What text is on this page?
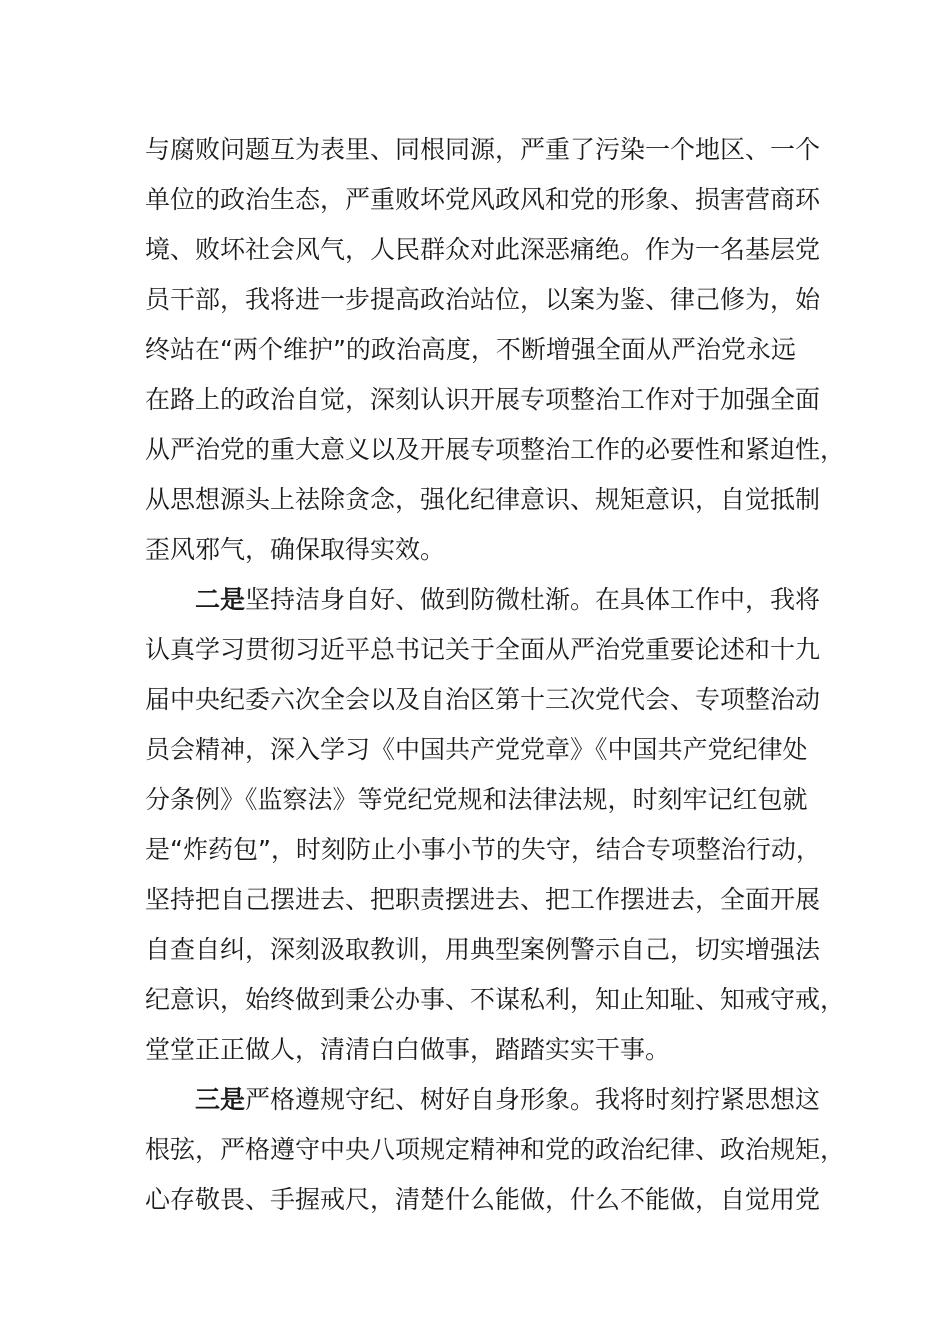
与腐败问题互为表里、同根同源，严重了污染一个地区、一个
单位的政治生态，严重败坏党风政风和党的形象、损害营商环
境、败坏社会风气，人民群众对此深恶痛绝。作为一名基层党
员干部，我将进一步提高政治站位，以案为鉴、律己修为，始
终站在“两个维护”的政治高度，不断增强全面从严治党永远
在路上的政治自觉，深刻认识开展专项整治工作对于加强全面
从严治党的重大意义以及开展专项整治工作的必要性和紧迫性，
从思想源头上祛除贪念，强化纪律意识、规矩意识，自觉抵制
歪风邪气，确保取得实效。
二是坚持洁身自好、做到防微杜渐。在具体工作中，我将
认真学习贯彻习近平总书记关于全面从严治党重要论述和十九
届中央纪委六次全会以及自治区第十三次党代会、专项整治动
员会精神，深入学习《中国共产党党章》《中国共产党纪律处
分条例》《监察法》等党纪党规和法律法规，时刻牢记红包就
是“炸药包”，时刻防止小事小节的失守，结合专项整治行动，
坚持把自己摆进去、把职责摆进去、把工作摆进去，全面开展
自查自纠，深刻汲取教训，用典型案例警示自己，切实增强法
纪意识，始终做到秉公办事、不谋私利，知止知耻、知戒守戒，
堂堂正正做人，清清白白做事，踏踏实实干事。
三是严格遵规守纪、树好自身形象。我将时刻拧紧思想这
根弦，严格遵守中央八项规定精神和党的政治纪律、政治规矩，
心存敬畏、手握戒尺，清楚什么能做，什么不能做，自觉用党
